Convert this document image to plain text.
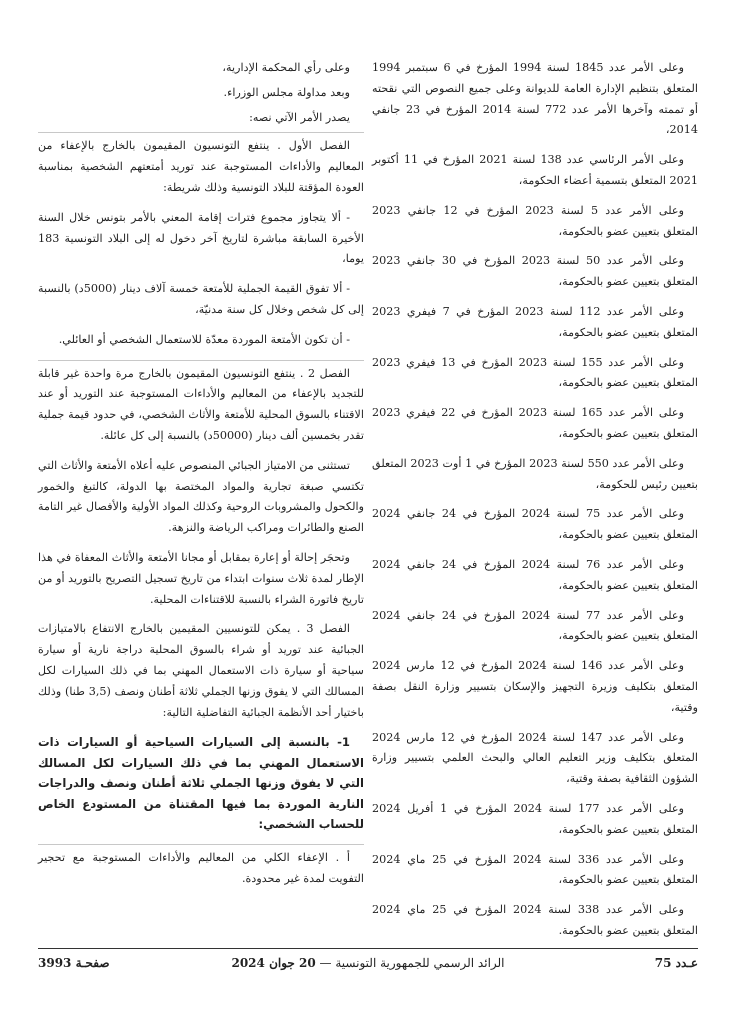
وعلى الأمر عدد 1845 لسنة 1994 المؤرخ في 6 سبتمبر 1994 المتعلق بتنظيم الإدارة العامة للديوانة وعلى جميع النصوص التي نقحته أو تممته وآخرها الأمر عدد 772 لسنة 2014 المؤرخ في 23 جانفي 2014،

وعلى الأمر الرئاسي عدد 138 لسنة 2021 المؤرخ في 11 أكتوبر 2021 المتعلق بتسمية أعضاء الحكومة،

وعلى الأمر عدد 5 لسنة 2023 المؤرخ في 12 جانفي 2023 المتعلق بتعيين عضو بالحكومة،

وعلى الأمر عدد 50 لسنة 2023 المؤرخ في 30 جانفي 2023 المتعلق بتعيين عضو بالحكومة،

وعلى الأمر عدد 112 لسنة 2023 المؤرخ في 7 فيفري 2023 المتعلق بتعيين عضو بالحكومة،

وعلى الأمر عدد 155 لسنة 2023 المؤرخ في 13 فيفري 2023 المتعلق بتعيين عضو بالحكومة،

وعلى الأمر عدد 165 لسنة 2023 المؤرخ في 22 فيفري 2023 المتعلق بتعيين عضو بالحكومة،

وعلى الأمر عدد 550 لسنة 2023 المؤرخ في 1 أوت 2023 المتعلق بتعيين رئيس للحكومة،

وعلى الأمر عدد 75 لسنة 2024 المؤرخ في 24 جانفي 2024 المتعلق بتعيين عضو بالحكومة،

وعلى الأمر عدد 76 لسنة 2024 المؤرخ في 24 جانفي 2024 المتعلق بتعيين عضو بالحكومة،

وعلى الأمر عدد 77 لسنة 2024 المؤرخ في 24 جانفي 2024 المتعلق بتعيين عضو بالحكومة،

وعلى الأمر عدد 146 لسنة 2024 المؤرخ في 12 مارس 2024 المتعلق بتكليف وزيرة التجهيز والإسكان بتسيير وزارة النقل بصفة وقتية،

وعلى الأمر عدد 147 لسنة 2024 المؤرخ في 12 مارس 2024 المتعلق بتكليف وزير التعليم العالي والبحث العلمي بتسيير وزارة الشؤون الثقافية بصفة وقتية،

وعلى الأمر عدد 177 لسنة 2024 المؤرخ في 1 أفريل 2024 المتعلق بتعيين عضو بالحكومة،

وعلى الأمر عدد 336 لسنة 2024 المؤرخ في 25 ماي 2024 المتعلق بتعيين عضو بالحكومة،

وعلى الأمر عدد 338 لسنة 2024 المؤرخ في 25 ماي 2024 المتعلق بتعيين عضو بالحكومة.

وعلى رأي المحكمة الإدارية،

وبعد مداولة مجلس الوزراء.

يصدر الأمر الآتي نصه:

الفصل الأول . ينتفع التونسيون المقيمون بالخارج بالإعفاء من المعاليم والأداءات المستوجبة عند توريد أمتعتهم الشخصية بمناسبة العودة المؤقتة للبلاد التونسية وذلك شريطة:

- ألا يتجاوز مجموع فترات إقامة المعني بالأمر بتونس خلال السنة الأخيرة السابقة مباشرة لتاريخ آخر دخول له إلى البلاد التونسية 183 يوما،

- ألا تفوق القيمة الجملية للأمتعة خمسة آلاف دينار (5000د) بالنسبة إلى كل شخص وخلال كل سنة مدنيّة،

- أن تكون الأمتعة الموردة معدّة للاستعمال الشخصي أو العائلي.

الفصل 2 . ينتفع التونسيون المقيمون بالخارج مرة واحدة غير قابلة للتجديد بالإعفاء من المعاليم والأداءات المستوجبة عند التوريد أو عند الاقتناء بالسوق المحلية للأمتعة والأثاث الشخصي، في حدود قيمة جملية تقدر بخمسين ألف دينار (50000د) بالنسبة إلى كل عائلة.

تستثنى من الامتياز الجبائي المنصوص عليه أعلاه الأمتعة والأثاث التي تكتسي صبغة تجارية والمواد المختصة بها الدولة، كالتبغ والخمور والكحول والمشروبات الروحية وكذلك المواد الأولية والأفصال غير التامة الصنع والطائرات ومراكب الرياضة والنزهة.

وتحجَر إحالة أو إعارة بمقابل أو مجانا الأمتعة والأثاث المعفاة في هذا الإطار لمدة ثلاث سنوات ابتداء من تاريخ تسجيل التصريح بالتوريد أو من تاريخ فاتورة الشراء بالنسبة للاقتناءات المحلية.

الفصل 3 . يمكن للتونسيين المقيمين بالخارج الانتفاع بالامتيازات الجبائية عند توريد أو شراء بالسوق المحلية دراجة نارية أو سيارة سياحية أو سيارة ذات الاستعمال المهني بما في ذلك السيارات لكل المسالك التي لا يفوق وزنها الجملي ثلاثة أطنان ونصف (3,5 طنا) وذلك باختيار أحد الأنظمة الجبائية التفاضلية التالية:

1- بالنسبة إلى السيارات السياحية أو السيارات ذات الاستعمال المهني بما في ذلك السيارات لكل المسالك التي لا يفوق وزنها الجملي ثلاثة أطنان ونصف والدراجات النارية الموردة بما فيها المقتناة من المستودع الخاص للحساب الشخصي:

أ . الإعفاء الكلي من المعاليم والأداءات المستوجبة مع تحجير التفويت لمدة غير محدودة.

عـدد 75
الرائد الرسمي للجمهورية التونسية — 20 جوان 2024
صفحـة 3993
